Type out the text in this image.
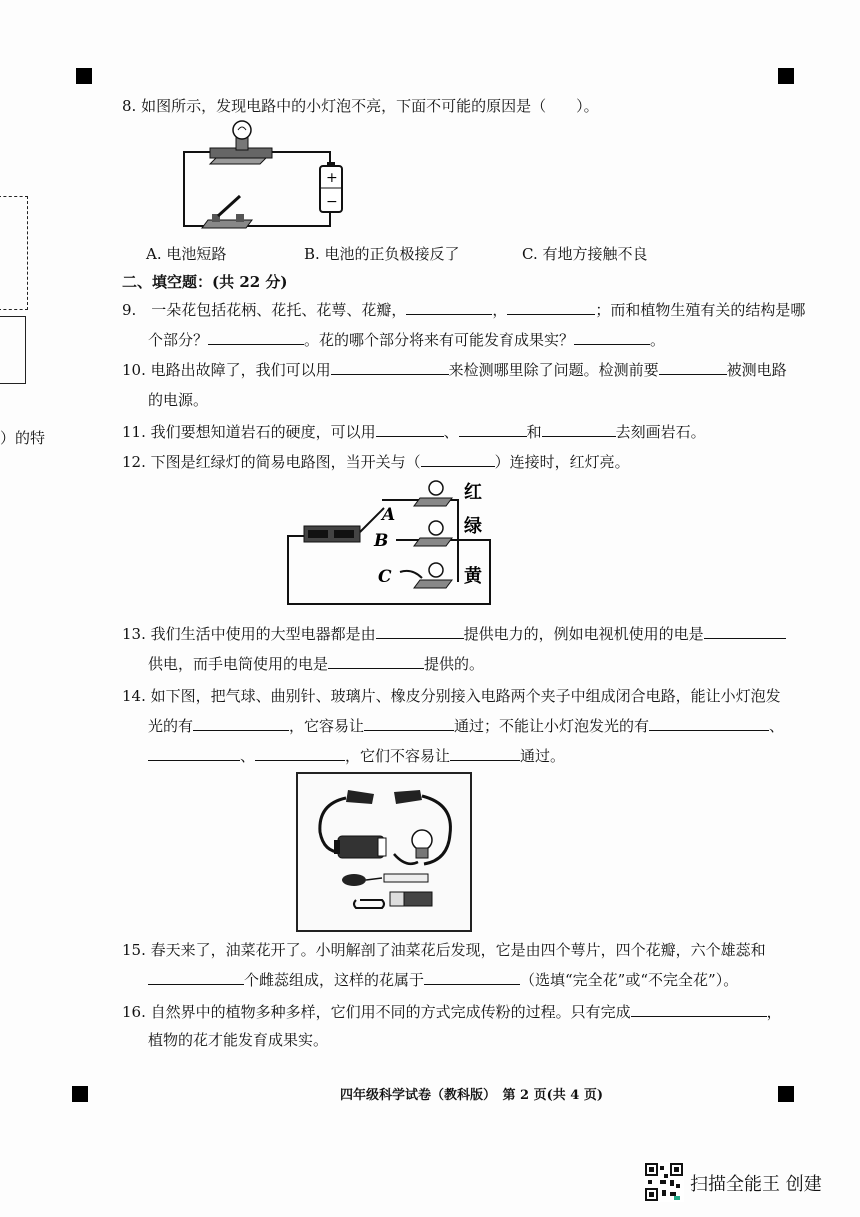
）的特
8. 如图所示，发现电路中的小灯泡不亮，下面不可能的原因是（　　）。
+
−
A. 电池短路	B. 电池的正负极接反了	C. 有地方接触不良
二、填空题：(共 22 分)
9.　一朵花包括花柄、花托、花萼、花瓣，	，	；而和植物生殖有关的结构是哪
个部分？	。花的哪个部分将来有可能发育成果实？	。
10. 电路出故障了，我们可以用	来检测哪里除了问题。检测前要	被测电路
的电源。
11. 我们要想知道岩石的硬度，可以用	、	和	去刻画岩石。
12. 下图是红绿灯的简易电路图，当开关与（	）连接时，红灯亮。
A
B
C
红
绿
黄
13. 我们生活中使用的大型电器都是由	提供电力的，例如电视机使用的电是
供电，而手电筒使用的电是	提供的。
14. 如下图，把气球、曲别针、玻璃片、橡皮分别接入电路两个夹子中组成闭合电路，能让小灯泡发
光的有	，它容易让	通过；不能让小灯泡发光的有	、
、	，它们不容易让	通过。
15. 春天来了，油菜花开了。小明解剖了油菜花后发现，它是由四个萼片，四个花瓣，六个雄蕊和
个雌蕊组成，这样的花属于	（选填“完全花”或“不完全花”）。
16. 自然界中的植物多种多样，它们用不同的方式完成传粉的过程。只有完成	，
植物的花才能发育成果实。
四年级科学试卷（教科版）　第 2 页(共 4 页)
扫描全能王 创建
